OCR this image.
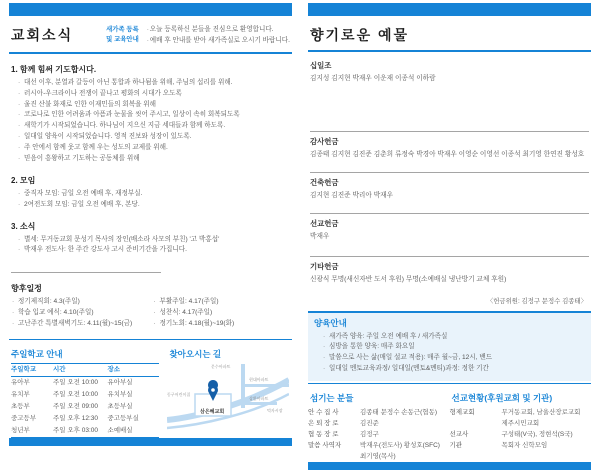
교회소식	새가족 등록
및 교육안내
· 오늘 등록하신 분들을 진심으로 환영합니다.
· 예배 후 안내를 받아 새가족실로 오시기 바랍니다.
1. 함께 힘써 기도합시다.
· 대선 이후, 분열과 갈등이 아닌 통합과 하나됨을 위해, 주님의 섭리를 위해.
· 러시아-우크라이나 전쟁이 끝나고 평화의 시대가 오도록
· 울진 산불 화재로 인한 이재민들의 회복을 위해
· 코로나로 인한 어려움과 아픔과 눈물을 씻어 주시고, 일상이 속히 회복되도록
· 새학기가 시작되었습니다. 하나님이 지으신 지금 세대들과 함께 하도록.
· 일대일 양육이 시작되었습니다. 영적 진보와 성장이 있도록.
· 주 안에서 함께 웃고 함께 우는 성도의 교제를 위해.
· 믿음이 흥왕하고 기도하는 공동체를 위해
2. 모임
· 중직자 모임: 금일 오전 예배 후, 재정부실.
· 2여전도회 모임: 금일 오전 예배 후, 본당.
3. 소식
· 별세: 무거동교회 문성기 목사의 장인(배소라 사모의 부친) '고 박홍섭'
· 박재우 전도사: 한 주간 강도사 고시 준비기간을 가집니다.
향후일정
· 정기제직회: 4.3(주일)
· 학습 입교 예식: 4.10(주일)
· 고난주간 특별새벽기도: 4.11(월)~15(금)
· 부활주일: 4.17(주일)
· 성찬식: 4.17(주일)
· 정기노회: 4.18(월)~19(화)
주일학교 안내
주일학교	시간	장소
유아부	주일 오전 10:00	유아부실
유치부	주일 오전 10:00	유치부실
초등부	주일 오전 09:00	초등부실
중고등부	주일 오후 12:30	중고등부실
청년부	주일 오후 03:00	소예배실
찾아오시는 길
문수아파트
현대아파트
삼환아파트
먹자시장
동구어린이집
삼은혜교회
향기로운 예물
십일조
김지성 김지현 박재우 이운재 이종석 이하람
감사헌금
김종태 김지현 김진준 김춘희 류정숙 박경아 박재우 이영순 이영선 이종석 최기영 한연진 황성호
건축헌금
김지현 김진준 박리아 박재우
선교헌금
박재우
기타헌금
신광식 무명(새신자반 도서 후원) 무명(소예배실 냉난방기 교체 후원)
〈헌금위원: 김정구 문정수 김종태〉
양육안내
· 새가족 양육: 주일 오전 예배 후 / 새가족실
· 심방을 통한 양육: 매주 화요일
· 말씀으로 사는 삶(매일 설교 적용): 매주 월~금, 12시, 밴드
· 일대일 멘토교육과정/ 일대일(멘토&멘티)과정: 정한 기간
섬기는 분들
안 수 집 사	김종태 문정수 손동근(협동)
은 퇴 장 로	김진준
협 동 장 로	김정구
말씀 사역자	박재우(전도사) 황성호(SFC) 최기영(목사)
선교현황(후원교회 및 기관)
형제교회	무거동교회, 남울산장로교회 제주시민교회
선교사	구성태(V국), 정현석(S국)
기관	목회자 신학모임
